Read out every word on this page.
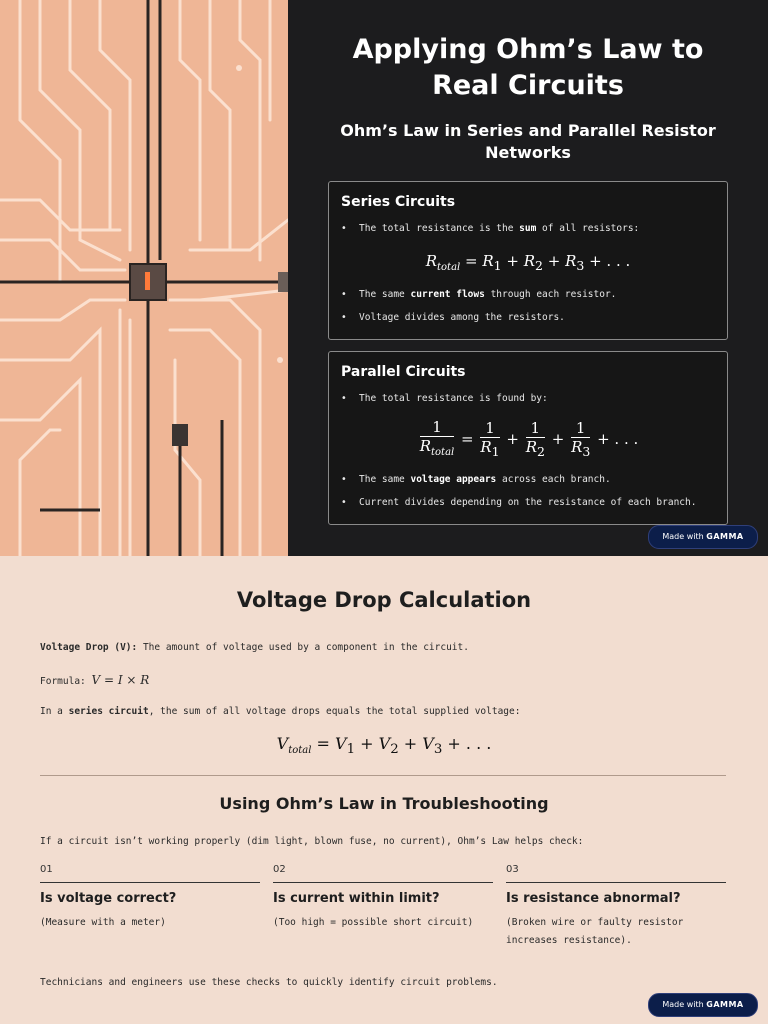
Applying Ohm’s Law to
Real Circuits
Ohm’s Law in Series and Parallel Resistor
Networks
Series Circuits
The total resistance is the sum of all resistors:
$R_{total} = R_1 + R_2 + R_3$ + . . .
The same current flows through each resistor.
Voltage divides among the resistors.
Parallel Circuits
The total resistance is found by:
$\frac{1}{R_{total}} = \frac{1}{R_1} + \frac{1}{R_2} + \frac{1}{R_3}$ + . . .
The same voltage appears across each branch.
Current divides depending on the resistance of each branch.
Made with GAMMA
Voltage Drop Calculation
Voltage Drop (V): The amount of voltage used by a component in the circuit.
Formula: V = I × R
In a series circuit, the sum of all voltage drops equals the total supplied voltage:
$V_{total} = V_1 + V_2 + V_3$ + . . .
Using Ohm’s Law in Troubleshooting
If a circuit isn’t working properly (dim light, blown fuse, no current), Ohm’s Law helps check:
01
Is voltage correct?
(Measure with a meter)
02
Is current within limit?
(Too high = possible short circuit)
03
Is resistance abnormal?
(Broken wire or faulty resistor increases resistance).
Technicians and engineers use these checks to quickly identify circuit problems.
Made with GAMMA
